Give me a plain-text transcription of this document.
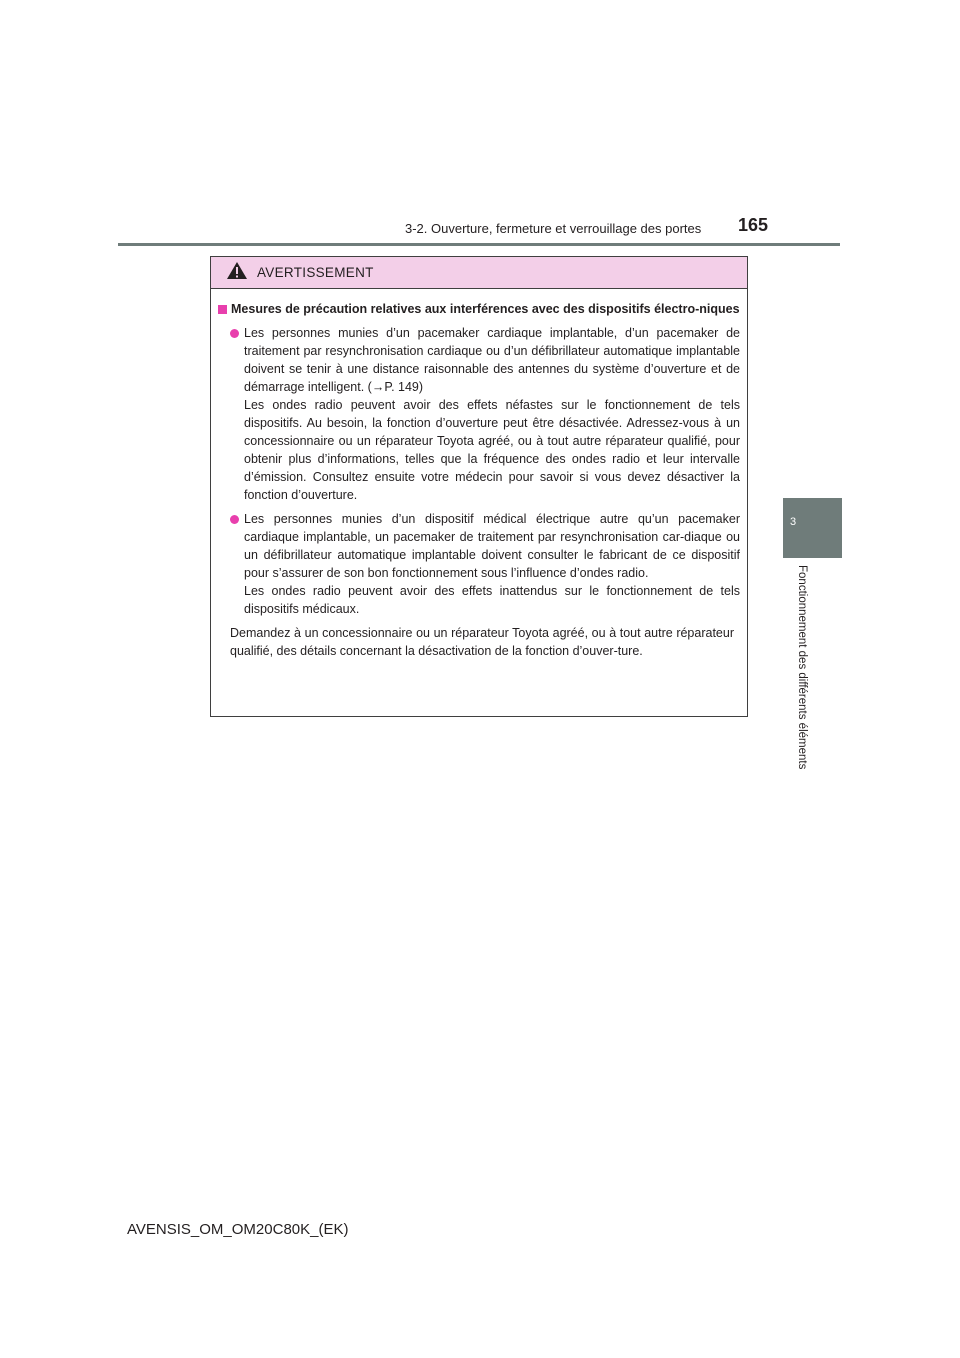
3-2. Ouverture, fermeture et verrouillage des portes 165
3
Fonctionnement des différents éléments
AVERTISSEMENT
Mesures de précaution relatives aux interférences avec des dispositifs électro-niques

Les personnes munies d’un pacemaker cardiaque implantable, d’un pacemaker de traitement par resynchronisation cardiaque ou d’un défibrillateur automatique implantable doivent se tenir à une distance raisonnable des antennes du système d’ouverture et de démarrage intelligent. (→P. 149)

Les ondes radio peuvent avoir des effets néfastes sur le fonctionnement de tels dispositifs. Au besoin, la fonction d’ouverture peut être désactivée. Adressez-vous à un concessionnaire ou un réparateur Toyota agréé, ou à tout autre réparateur qualifié, pour obtenir plus d’informations, telles que la fréquence des ondes radio et leur intervalle d’émission. Consultez ensuite votre médecin pour savoir si vous devez désactiver la fonction d’ouverture.

Les personnes munies d’un dispositif médical électrique autre qu’un pacemaker cardiaque implantable, un pacemaker de traitement par resynchronisation car-diaque ou un défibrillateur automatique implantable doivent consulter le fabricant de ce dispositif pour s’assurer de son bon fonctionnement sous l’influence d’ondes radio.

Les ondes radio peuvent avoir des effets inattendus sur le fonctionnement de tels dispositifs médicaux.

Demandez à un concessionnaire ou un réparateur Toyota agréé, ou à tout autre réparateur qualifié, des détails concernant la désactivation de la fonction d’ouver-ture.
AVENSIS_OM_OM20C80K_(EK)
